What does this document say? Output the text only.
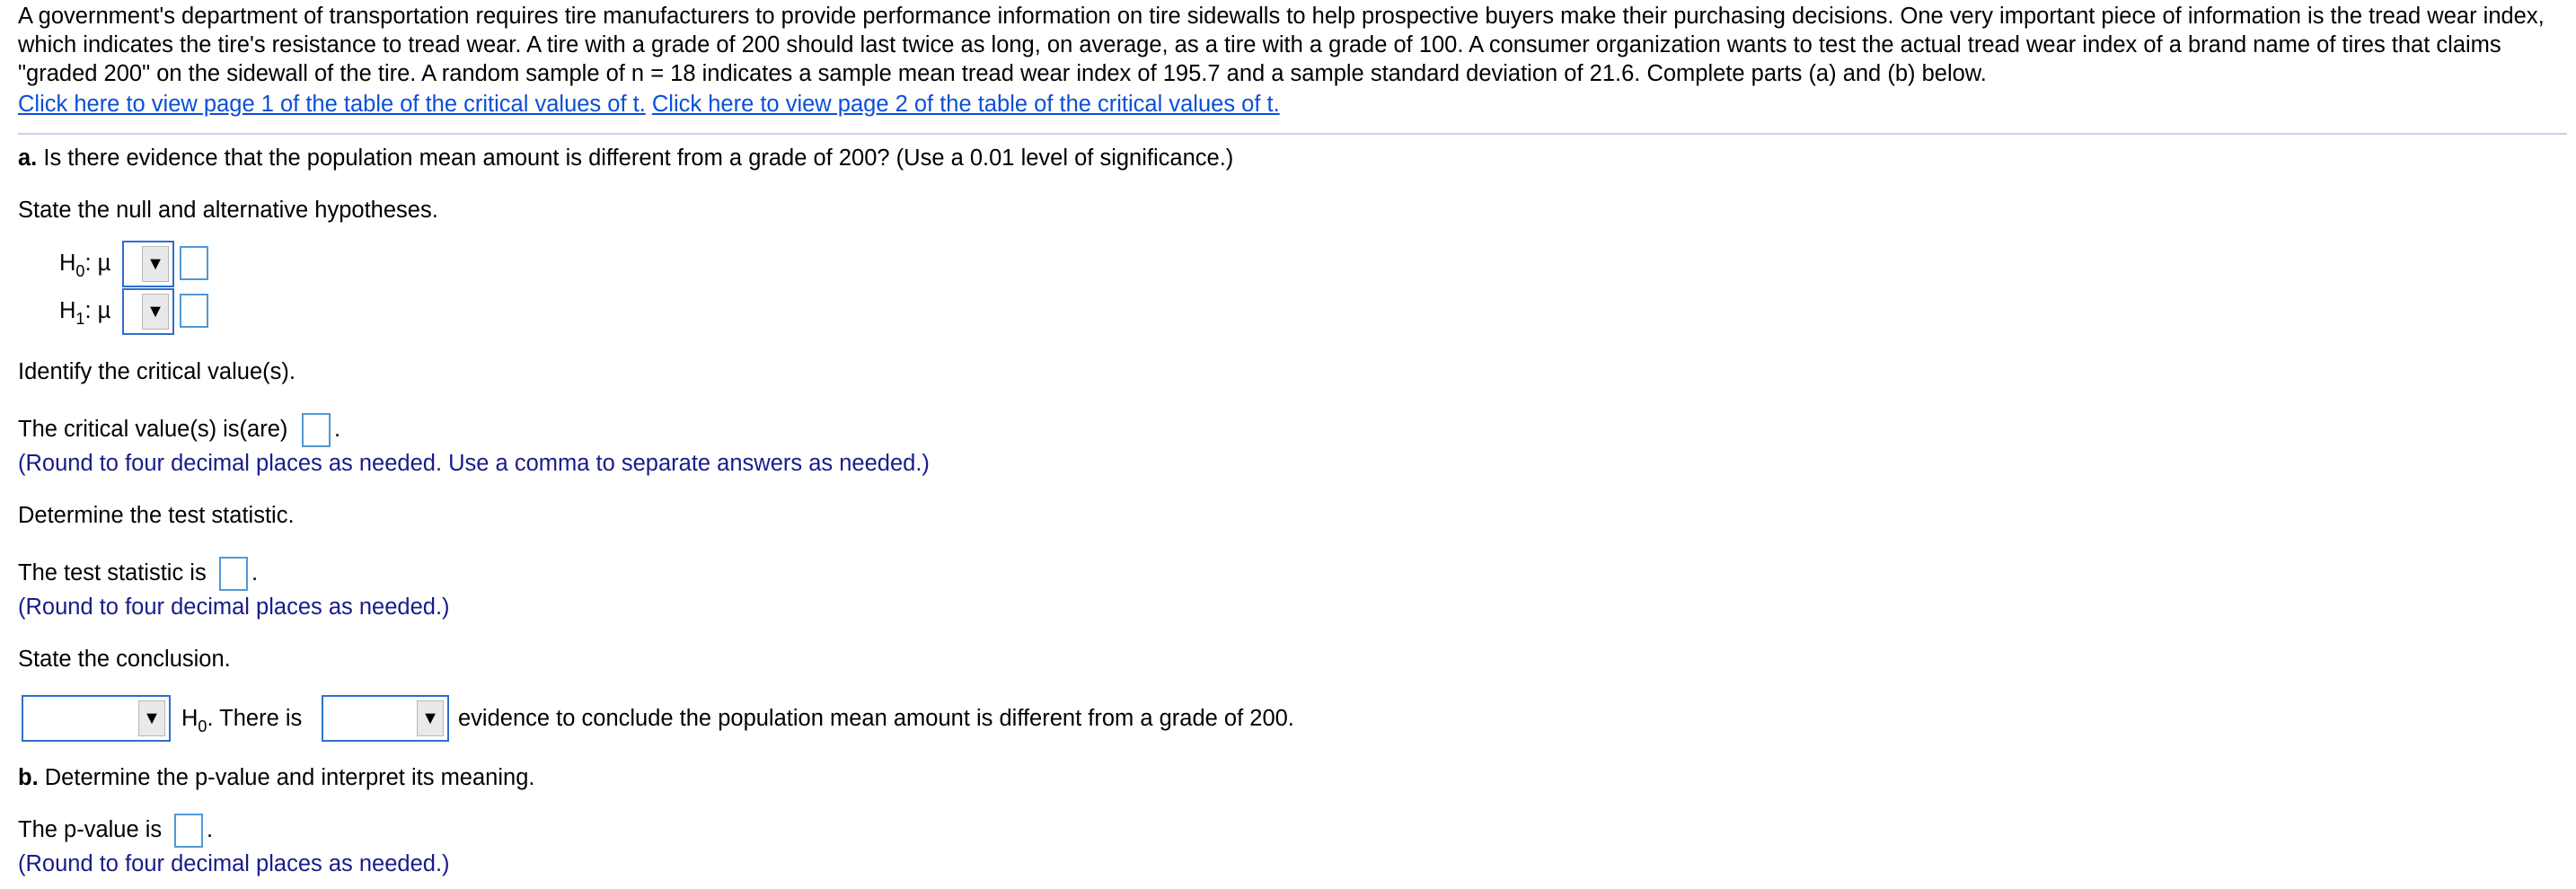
A government's department of transportation requires tire manufacturers to provide performance information on tire sidewalls to help prospective buyers make their purchasing decisions. One very important piece of information is the tread wear index, which indicates the tire's resistance to tread wear. A tire with a grade of 200 should last twice as long, on average, as a tire with a grade of 100. A consumer organization wants to test the actual tread wear index of a brand name of tires that claims "graded 200" on the sidewall of the tire. A random sample of n = 18 indicates a sample mean tread wear index of 195.7 and a sample standard deviation of 21.6. Complete parts (a) and (b) below.

Click here to view page 1 of the table of the critical values of t. Click here to view page 2 of the table of the critical values of t.
a. Is there evidence that the population mean amount is different from a grade of 200? (Use a 0.01 level of significance.)
State the null and alternative hypotheses.
$H_0$: µ ▼
$H_1$: µ ▼
Identify the critical value(s).
The critical value(s) is(are) .
(Round to four decimal places as needed. Use a comma to separate answers as needed.)
Determine the test statistic.
The test statistic is .
(Round to four decimal places as needed.)
State the conclusion.
▼ $H_0$. There is	▼ evidence to conclude the population mean amount is different from a grade of 200.
b. Determine the p-value and interpret its meaning.
The p-value is .
(Round to four decimal places as needed.)
